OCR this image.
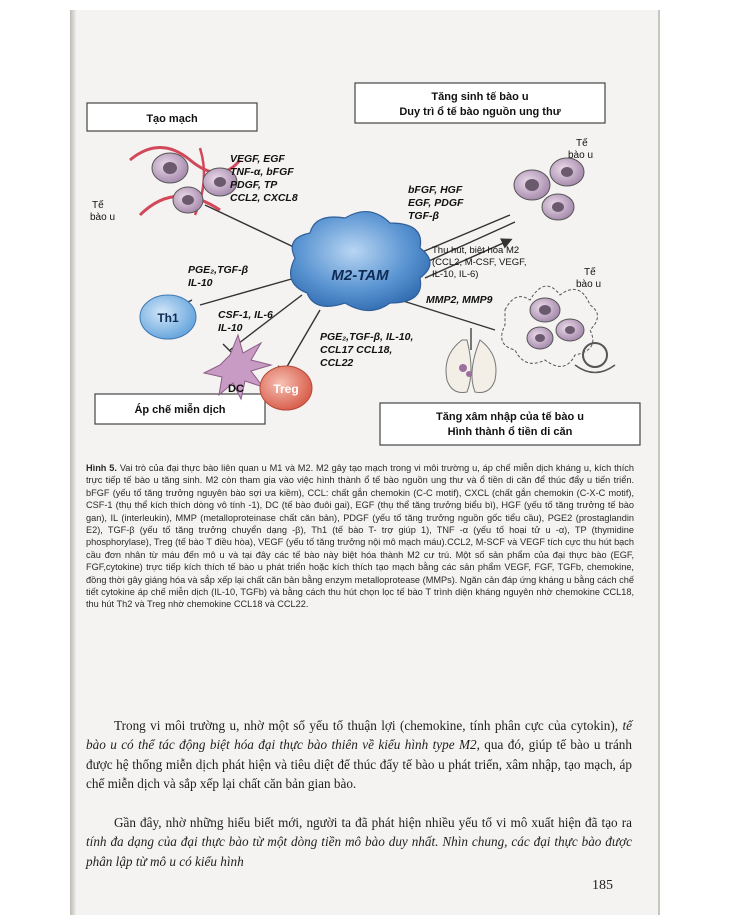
Tạo mạch
Tăng sinh tế bào u
Duy trì ổ tế bào nguồn ung thư
Áp chế miễn dịch
Tăng xâm nhập của tế bào u
Hình thành ổ tiền di căn
Tế
bào u
Tế
bào u
Tế
bào u
M2-TAM
Th1
DC Treg
VEGF, EGF
TNF-α, bFGF
PDGF, TP
CCL2, CXCL8
bFGF, HGF
EGF, PDGF
TGF-β
PGE₂,TGF-β
IL-10
CSF-1, IL-6
IL-10
PGE₂,TGF-β, IL-10,
CCL17 CCL18,
CCL22
MMP2, MMP9
Thu hút, biệt hóa M2
(CCL2, M-CSF, VEGF,
IL-10, IL-6)
Hình 5. Vai trò của đại thực bào liên quan u M1 và M2. M2 gây tạo mạch trong vi môi trường u, áp chế miễn dịch kháng u, kích thích trực tiếp tế bào u tăng sinh. M2 còn tham gia vào việc hình thành ổ tế bào nguồn ung thư và ổ tiền di căn để thúc đẩy u tiến triển. bFGF (yếu tố tăng trưởng nguyên bào sợi ưa kiềm), CCL: chất gắn chemokin (C-C motif), CXCL (chất gắn chemokin (C-X-C motif), CSF-1 (thụ thể kích thích dòng vô tính -1), DC (tế bào đuôi gai), EGF (thụ thể tăng trưởng biểu bì), HGF (yếu tố tăng trưởng tế bào gan), IL (interleukin), MMP (metalloproteinase chất căn bản), PDGF (yếu tố tăng trưởng nguồn gốc tiểu cầu), PGE2 (prostaglandin E2), TGF-β (yếu tố tăng trưởng chuyển dạng -β), Th1 (tế bào T- trợ giúp 1), TNF -α (yếu tố hoại tử u -α), TP (thymidine phosphorylase), Treg (tế bào T điều hòa), VEGF (yếu tố tăng trưởng nội mô mạch máu).CCL2, M-SCF và VEGF tích cực thu hút bạch cầu đơn nhân từ máu đến mô u và tại đây các tế bào này biệt hóa thành M2 cư trú. Một số sản phẩm của đại thực bào (EGF, FGF,cytokine) trực tiếp kích thích tế bào u phát triển hoặc kích thích tạo mạch bằng các sản phẩm VEGF, FGF, TGFb, chemokine, đồng thời gây giáng hóa và sắp xếp lại chất căn bản bằng enzym metalloprotease (MMPs). Ngăn cản đáp ứng kháng u bằng cách chế tiết cytokine áp chế miễn dịch (IL-10, TGFb) và bằng cách thu hút chọn lọc tế bào T trình diện kháng nguyên nhờ chemokine CCL18, thu hút Th2 và Treg nhờ chemokine CCL18 và CCL22.
Trong vi môi trường u, nhờ một số yếu tố thuận lợi (chemokine, tính phân cực của cytokin), tế bào u có thể tác động biệt hóa đại thực bào thiên về kiểu hình type M2, qua đó, giúp tế bào u tránh được hệ thống miễn dịch phát hiện và tiêu diệt để thúc đẩy tế bào u phát triển, xâm nhập, tạo mạch, áp chế miễn dịch và sắp xếp lại chất căn bản gian bào.
Gần đây, nhờ những hiểu biết mới, người ta đã phát hiện nhiều yếu tố vi mô xuất hiện đã tạo ra tính đa dạng của đại thực bào từ một dòng tiền mô bào duy nhất. Nhìn chung, các đại thực bào được phân lập từ mô u có kiểu hình
185
